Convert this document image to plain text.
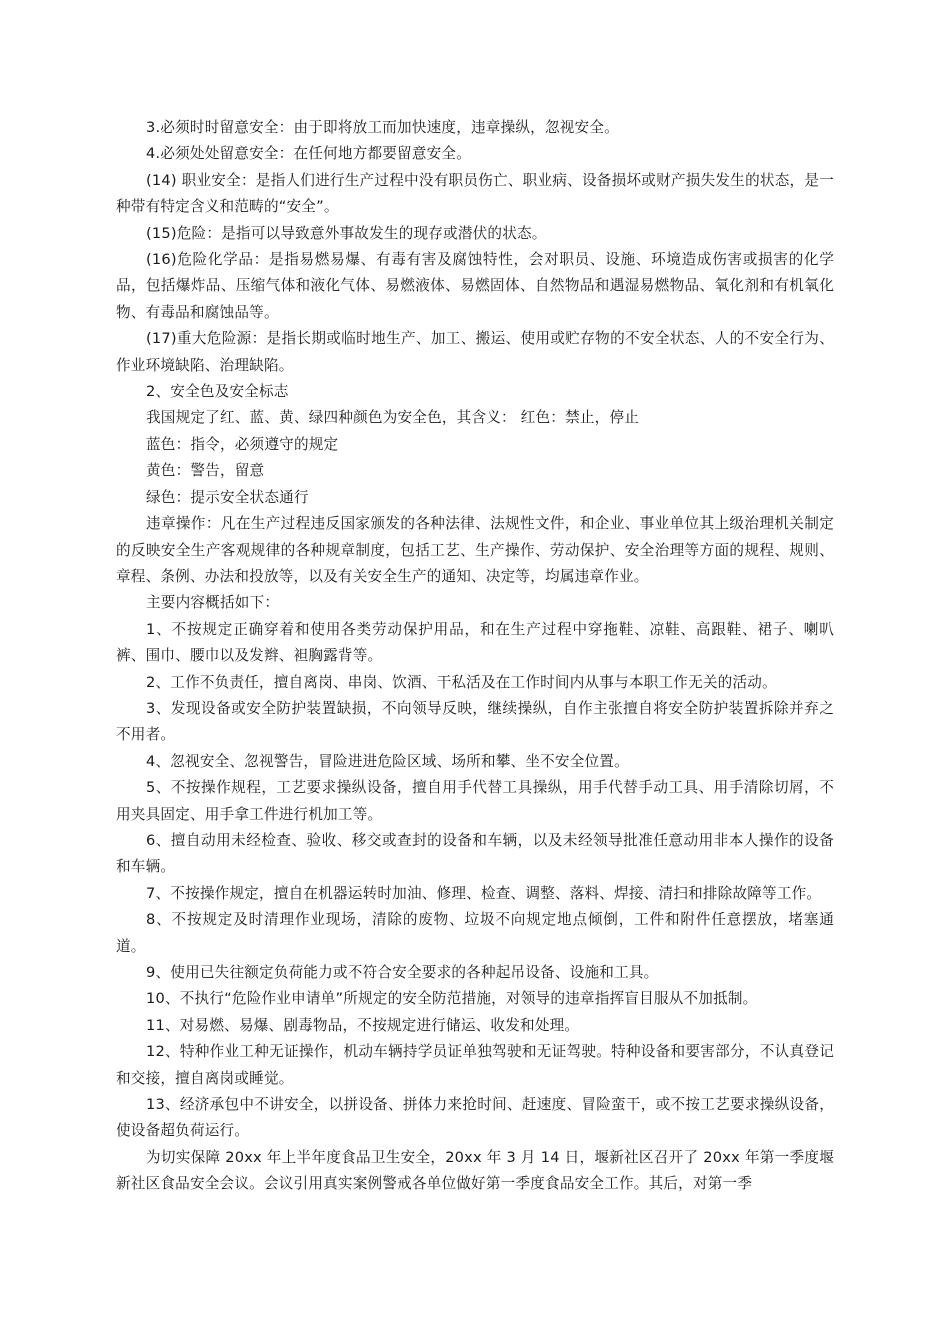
3.必须时时留意安全：由于即将放工而加快速度，违章操纵，忽视安全。

4.必须处处留意安全：在任何地方都要留意安全。

(14) 职业安全：是指人们进行生产过程中没有职员伤亡、职业病、设备损坏或财产损失发生的状态，是一种带有特定含义和范畴的“安全”。

(15)危险：是指可以导致意外事故发生的现存或潜伏的状态。

(16)危险化学品：是指易燃易爆、有毒有害及腐蚀特性，会对职员、设施、环境造成伤害或损害的化学品，包括爆炸品、压缩气体和液化气体、易燃液体、易燃固体、自然物品和遇湿易燃物品、氧化剂和有机氧化物、有毒品和腐蚀品等。

(17)重大危险源：是指长期或临时地生产、加工、搬运、使用或贮存物的不安全状态、人的不安全行为、作业环境缺陷、治理缺陷。

2、安全色及安全标志

我国规定了红、蓝、黄、绿四种颜色为安全色，其含义： 红色：禁止，停止

蓝色：指令，必须遵守的规定

黄色：警告，留意

绿色：提示安全状态通行

违章操作：凡在生产过程违反国家颁发的各种法律、法规性文件，和企业、事业单位其上级治理机关制定的反映安全生产客观规律的各种规章制度，包括工艺、生产操作、劳动保护、安全治理等方面的规程、规则、章程、条例、办法和投放等，以及有关安全生产的通知、决定等，均属违章作业。

主要内容概括如下：

1、不按规定正确穿着和使用各类劳动保护用品，和在生产过程中穿拖鞋、凉鞋、高跟鞋、裙子、喇叭裤、围巾、腰巾以及发辫、袒胸露背等。

2、工作不负责任，擅自离岗、串岗、饮酒、干私活及在工作时间内从事与本职工作无关的活动。

3、发现设备或安全防护装置缺损，不向领导反映，继续操纵，自作主张擅自将安全防护装置拆除并弃之不用者。

4、忽视安全、忽视警告，冒险进进危险区域、场所和攀、坐不安全位置。

5、不按操作规程，工艺要求操纵设备，擅自用手代替工具操纵，用手代替手动工具、用手清除切屑，不用夹具固定、用手拿工件进行机加工等。

6、擅自动用未经检查、验收、移交或查封的设备和车辆，以及未经领导批准任意动用非本人操作的设备和车辆。

7、不按操作规定，擅自在机器运转时加油、修理、检查、调整、落料、焊接、清扫和排除故障等工作。

8、不按规定及时清理作业现场，清除的废物、垃圾不向规定地点倾倒，工件和附件任意摆放，堵塞通道。

9、使用已失往额定负荷能力或不符合安全要求的各种起吊设备、设施和工具。

10、不执行“危险作业申请单”所规定的安全防范措施，对领导的违章指挥盲目服从不加抵制。

11、对易燃、易爆、剧毒物品，不按规定进行储运、收发和处理。

12、特种作业工种无证操作，机动车辆持学员证单独驾驶和无证驾驶。特种设备和要害部分，不认真登记和交接，擅自离岗或睡觉。

13、经济承包中不讲安全，以拼设备、拼体力来抢时间、赶速度、冒险蛮干，或不按工艺要求操纵设备，使设备超负荷运行。

为切实保障 20xx 年上半年度食品卫生安全，20xx 年 3 月 14 日，堰新社区召开了 20xx 年第一季度堰新社区食品安全会议。会议引用真实案例警戒各单位做好第一季度食品安全工作。其后，对第一季
